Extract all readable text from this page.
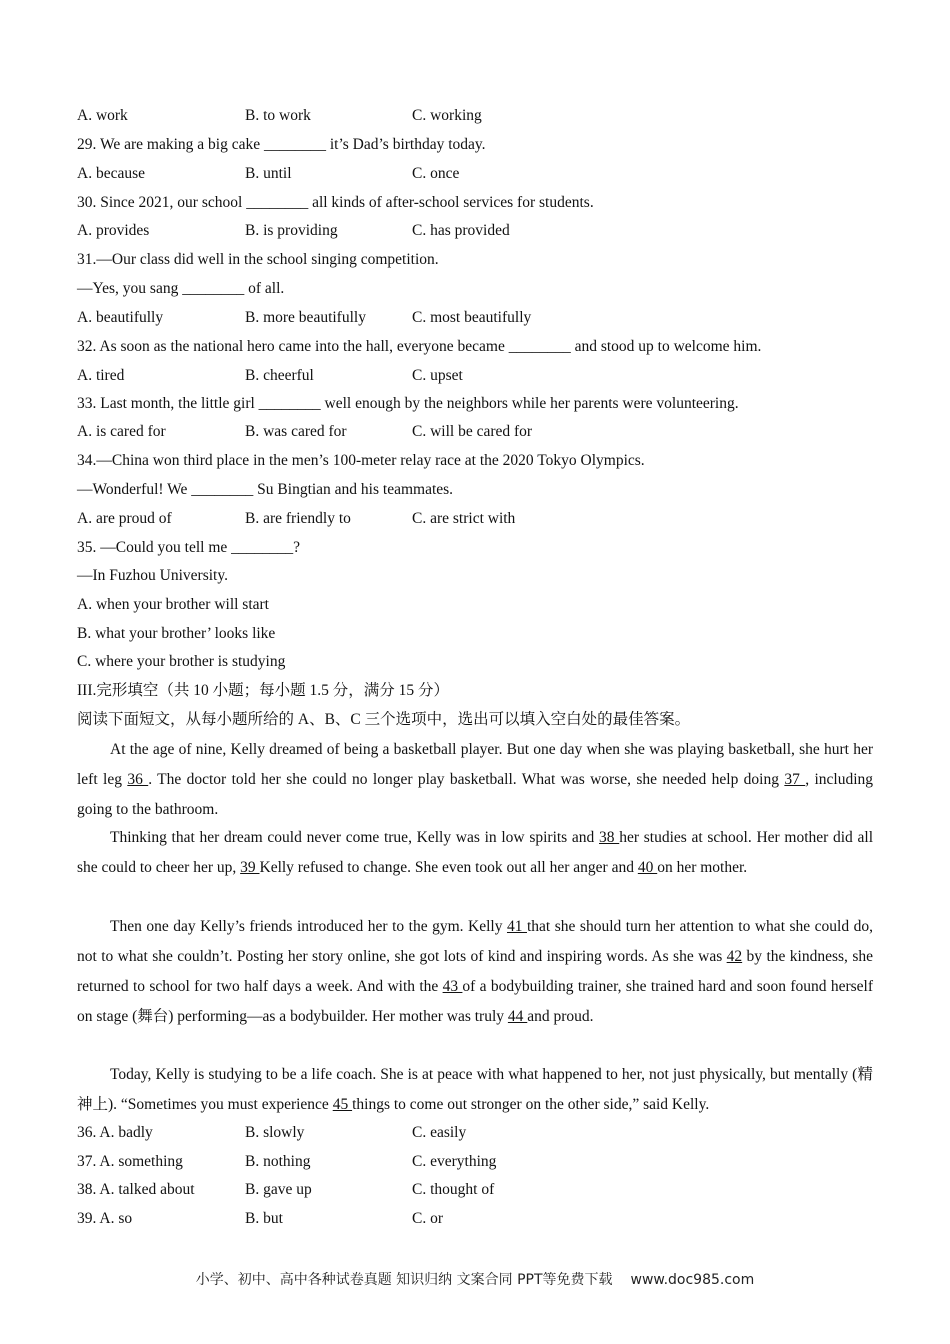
A. work	B. to work	C. working
29. We are making a big cake ________ it’s Dad’s birthday today.
A. because	B. until	C. once
30. Since 2021, our school ________ all kinds of after-school services for students.
A. provides	B. is providing	C. has provided
31.—Our class did well in the school singing competition.
—Yes, you sang ________ of all.
A. beautifully	B. more beautifully	C. most beautifully
32. As soon as the national hero came into the hall, everyone became ________ and stood up to welcome him.
A. tired	B. cheerful	C. upset
33. Last month, the little girl ________ well enough by the neighbors while her parents were volunteering.
A. is cared for	B. was cared for	C. will be cared for
34.—China won third place in the men’s 100-meter relay race at the 2020 Tokyo Olympics.
—Wonderful! We ________ Su Bingtian and his teammates.
A. are proud of	B. are friendly to	C. are strict with
35. —Could you tell me ________?
—In Fuzhou University.
A. when your brother will start
B. what your brother’ looks like
C. where your brother is studying
III.完形填空（共 10 小题；每小题 1.5 分，满分 15 分）
阅读下面短文，从每小题所给的 A、B、C 三个选项中，选出可以填入空白处的最佳答案。
At the age of nine, Kelly dreamed of being a basketball player. But one day when she was playing basketball, she hurt her left leg 36 . The doctor told her she could no longer play basketball. What was worse, she needed help doing 37 , including going to the bathroom.
Thinking that her dream could never come true, Kelly was in low spirits and 38 her studies at school. Her mother did all she could to cheer her up, 39 Kelly refused to change. She even took out all her anger and 40 on her mother.
Then one day Kelly’s friends introduced her to the gym. Kelly 41 that she should turn her attention to what she could do, not to what she couldn’t. Posting her story online, she got lots of kind and inspiring words. As she was 42 by the kindness, she returned to school for two half days a week. And with the 43 of a bodybuilding trainer, she trained hard and soon found herself on stage (舞台) performing—as a bodybuilder. Her mother was truly 44 and proud.
Today, Kelly is studying to be a life coach. She is at peace with what happened to her, not just physically, but mentally (精神上). “Sometimes you must experience 45 things to come out stronger on the other side,” said Kelly.
36. A. badly	B. slowly	C. easily
37. A. something	B. nothing	C. everything
38. A. talked about	B. gave up	C. thought of
39. A. so	B. but	C. or
小学、初中、高中各种试卷真题 知识归纳 文案合同 PPT等免费下载 www.doc985.com
